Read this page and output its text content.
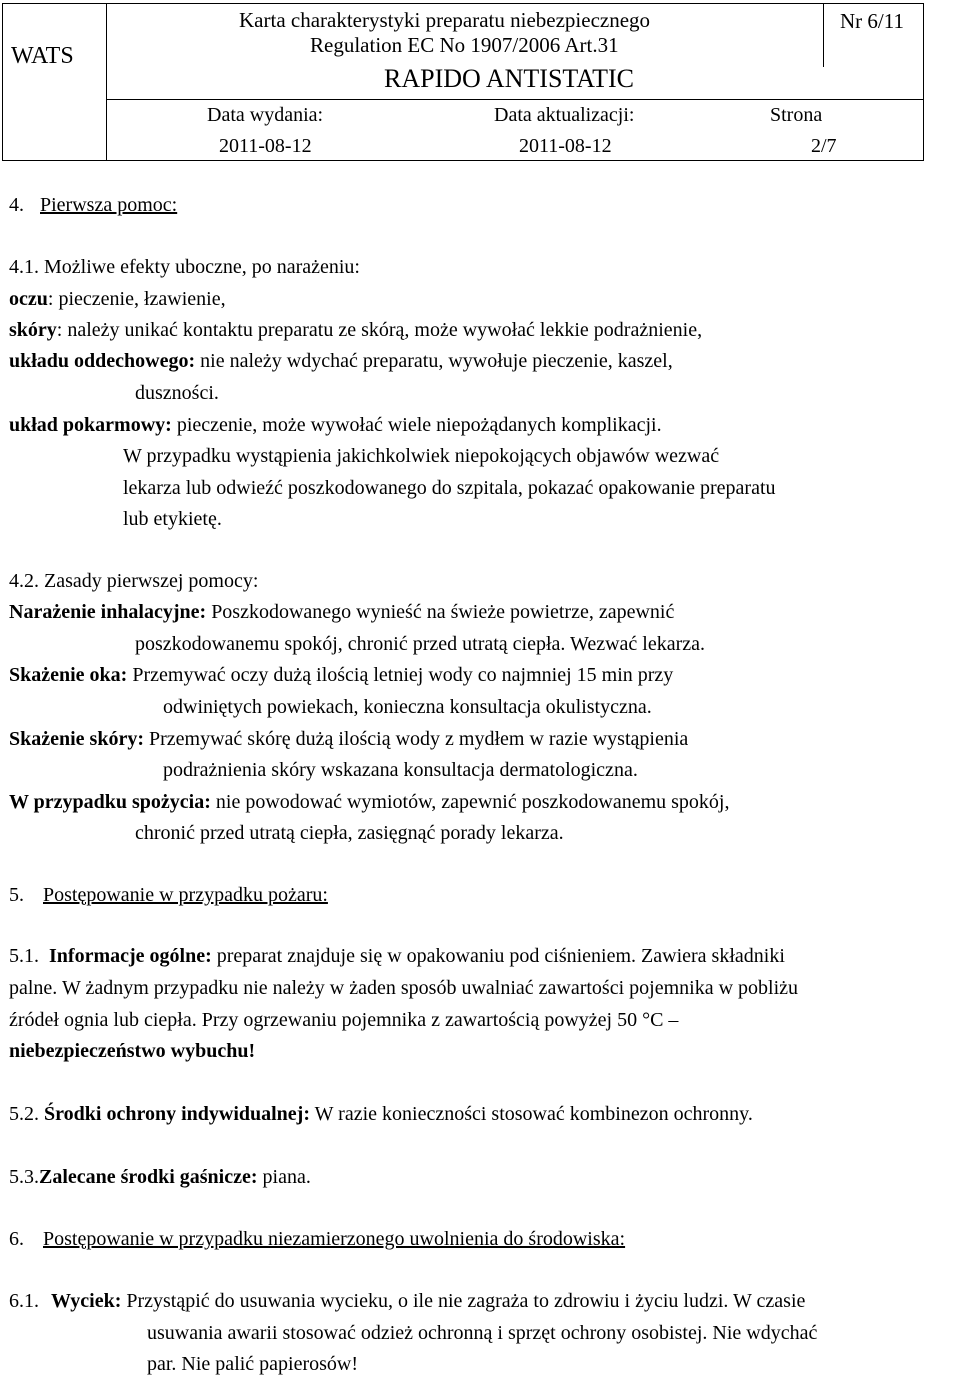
WATS
Karta charakterystyki preparatu niebezpiecznego
Regulation EC No 1907/2006 Art.31
RAPIDO ANTISTATIC
Nr 6/11
Data wydania:	Data aktualizacji:	Strona
2011-08-12	2011-08-12	2/7
4. Pierwsza pomoc:
4.1. Możliwe efekty uboczne, po narażeniu:
oczu: pieczenie, łzawienie,
skóry: należy unikać kontaktu preparatu ze skórą, może wywołać lekkie podrażnienie,
układu oddechowego: nie należy wdychać preparatu, wywołuje pieczenie, kaszel,
duszności.
układ pokarmowy: pieczenie, może wywołać wiele niepożądanych komplikacji.
W przypadku wystąpienia jakichkolwiek niepokojących objawów wezwać
lekarza lub odwieźć poszkodowanego do szpitala, pokazać opakowanie preparatu
lub etykietę.
4.2. Zasady pierwszej pomocy:
Narażenie inhalacyjne: Poszkodowanego wynieść na świeże powietrze, zapewnić
poszkodowanemu spokój, chronić przed utratą ciepła. Wezwać lekarza.
Skażenie oka: Przemywać oczy dużą ilością letniej wody co najmniej 15 min przy
odwiniętych powiekach, konieczna konsultacja okulistyczna.
Skażenie skóry: Przemywać skórę dużą ilością wody z mydłem w razie wystąpienia
podrażnienia skóry wskazana konsultacja dermatologiczna.
W przypadku spożycia: nie powodować wymiotów, zapewnić poszkodowanemu spokój,
chronić przed utratą ciepła, zasięgnąć porady lekarza.
5. Postępowanie w przypadku pożaru:
5.1. Informacje ogólne: preparat znajduje się w opakowaniu pod ciśnieniem. Zawiera składniki
palne. W żadnym przypadku nie należy w żaden sposób uwalniać zawartości pojemnika w pobliżu
źródeł ognia lub ciepła. Przy ogrzewaniu pojemnika z zawartością powyżej 50 °C –
niebezpieczeństwo wybuchu!
5.2. Środki ochrony indywidualnej: W razie konieczności stosować kombinezon ochronny.
5.3.Zalecane środki gaśnicze: piana.
6. Postępowanie w przypadku niezamierzonego uwolnienia do środowiska:
6.1. Wyciek: Przystąpić do usuwania wycieku, o ile nie zagraża to zdrowiu i życiu ludzi. W czasie
usuwania awarii stosować odzież ochronną i sprzęt ochrony osobistej. Nie wdychać
par. Nie palić papierosów!
